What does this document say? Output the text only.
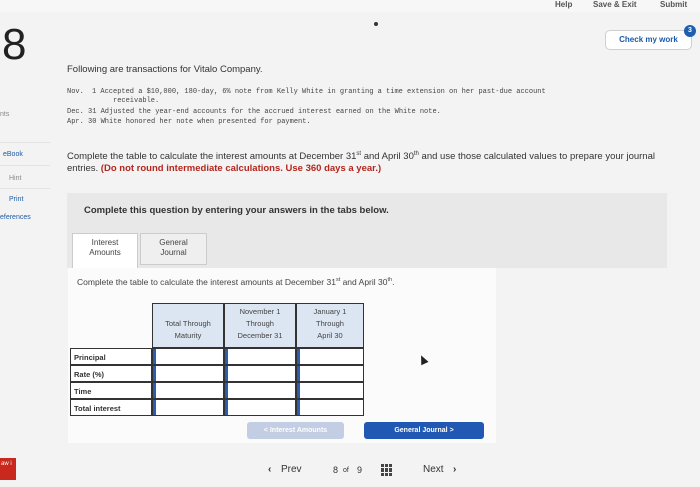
Help	Save & Exit	Submit
Check my work
3
8
nts
eBook
Hint
Print
eferences
aw i
Following are transactions for Vitalo Company.
Nov. 1 Accepted a $10,000, 180-day, 6% note from Kelly White in granting a time extension on her past-due account
receivable.
Dec. 31 Adjusted the year-end accounts for the accrued interest earned on the White note.
Apr. 30 White honored her note when presented for payment.
Complete the table to calculate the interest amounts at December 31st and April 30th and use those calculated values to prepare your journal entries. (Do not round intermediate calculations. Use 360 days a year.)
Complete this question by entering your answers in the tabs below.
Interest
Amounts
General
Journal
Complete the table to calculate the interest amounts at December 31st and April 30th.

Total Through
Maturity
November 1
Through
December 31
January 1
Through
April 30
Principal
Rate (%)
Time
Total interest
< Interest Amounts	General Journal >
‹ Prev	8 of 9	Next ›
